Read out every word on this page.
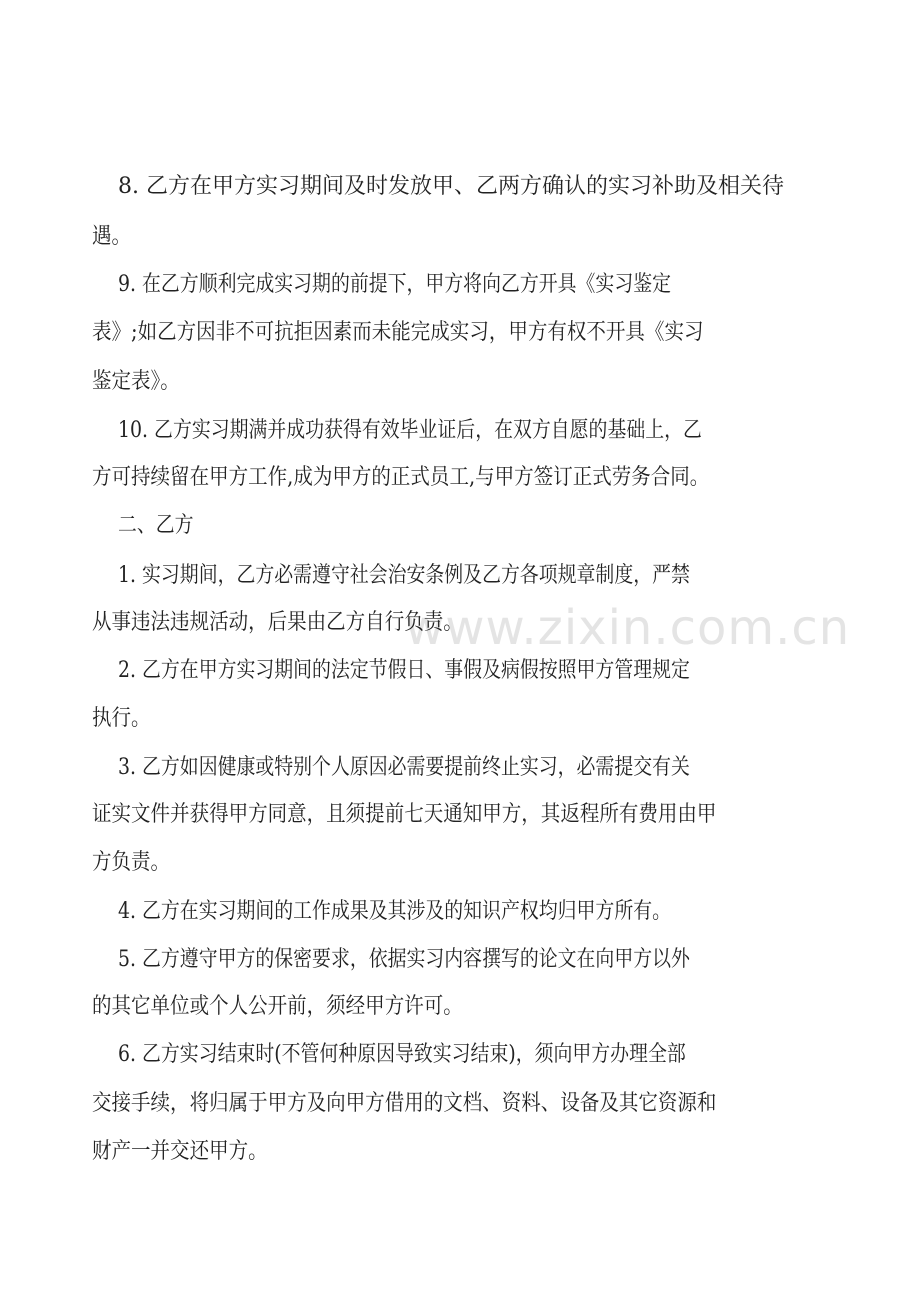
www.zixin.com.cn
8. 乙方在甲方实习期间及时发放甲、乙两方确认的实习补助及相关待
遇。
9. 在乙方顺利完成实习期的前提下，甲方将向乙方开具《实习鉴定
表》;如乙方因非不可抗拒因素而未能完成实习，甲方有权不开具《实习
鉴定表》。
10. 乙方实习期满并成功获得有效毕业证后，在双方自愿的基础上，乙
方可持续留在甲方工作,成为甲方的正式员工,与甲方签订正式劳务合同。
二、乙方
1. 实习期间，乙方必需遵守社会治安条例及乙方各项规章制度，严禁
从事违法违规活动，后果由乙方自行负责。
2. 乙方在甲方实习期间的法定节假日、事假及病假按照甲方管理规定
执行。
3. 乙方如因健康或特别个人原因必需要提前终止实习，必需提交有关
证实文件并获得甲方同意，且须提前七天通知甲方，其返程所有费用由甲
方负责。
4. 乙方在实习期间的工作成果及其涉及的知识产权均归甲方所有。
5. 乙方遵守甲方的保密要求，依据实习内容撰写的论文在向甲方以外
的其它单位或个人公开前，须经甲方许可。
6. 乙方实习结束时(不管何种原因导致实习结束)，须向甲方办理全部
交接手续，将归属于甲方及向甲方借用的文档、资料、设备及其它资源和
财产一并交还甲方。
